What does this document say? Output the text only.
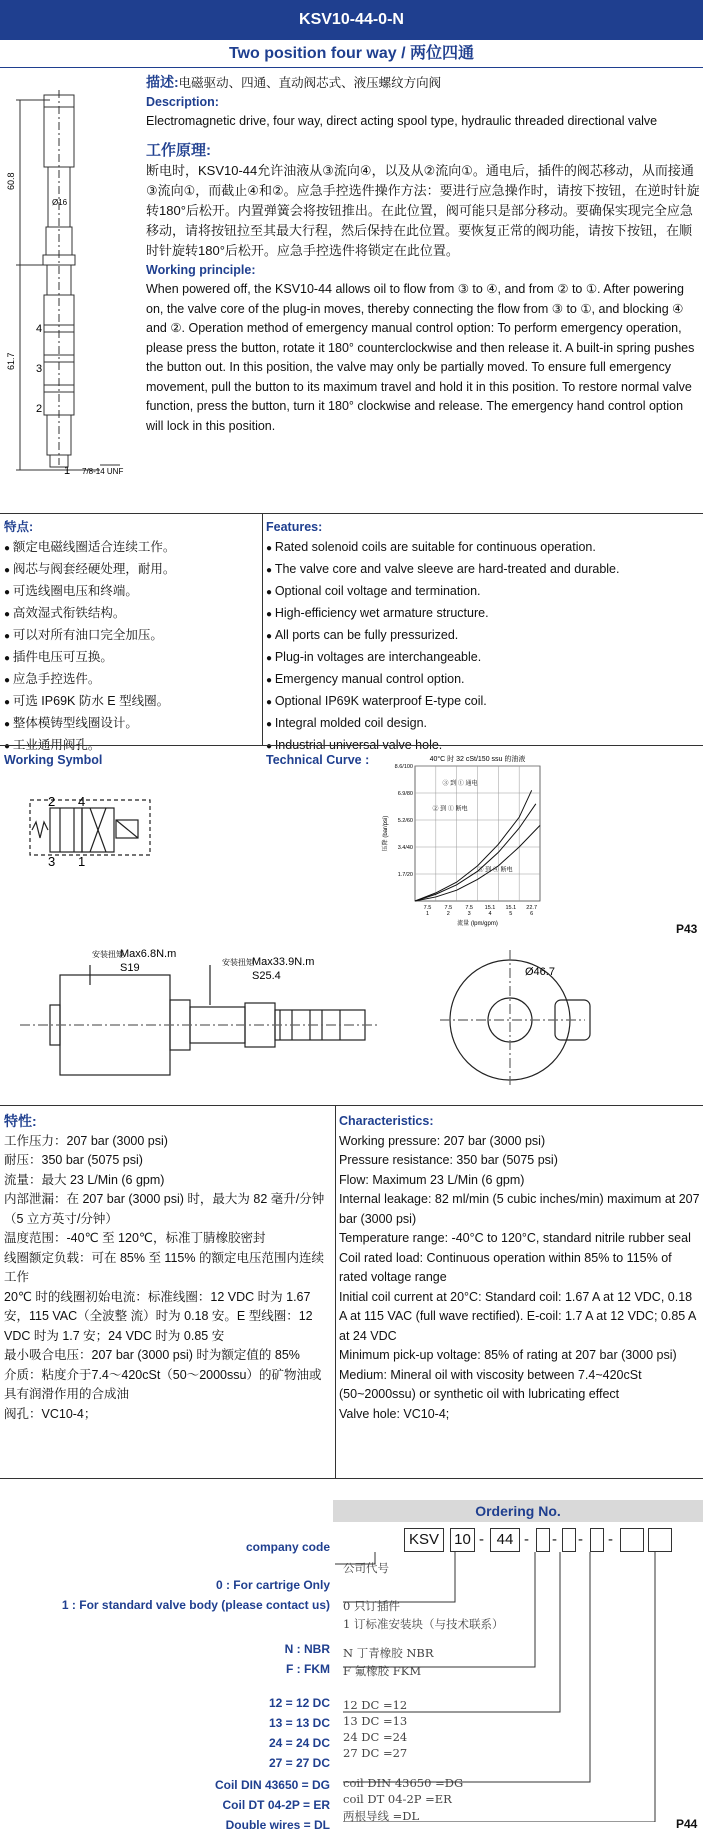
KSV10-44-0-N
Two position four way / 两位四通
60.8
61.7
Ø16
7/8-14 UNF
4
3
2
1
描述:电磁驱动、四通、直动阀芯式、液压螺纹方向阀
Description:
Electromagnetic drive, four way, direct acting spool type, hydraulic threaded directional valve
工作原理:
断电时，KSV10-44允许油液从③流向④，以及从②流向①。通电后，插件的阀芯移动，从而接通③流向①，而截止④和②。应急手控选件操作方法：要进行应急操作时，请按下按钮，在逆时针旋转180°后松开。内置弹簧会将按钮推出。在此位置，阀可能只是部分移动。要确保实现完全应急移动，请将按钮拉至其最大行程，然后保持在此位置。要恢复正常的阀功能，请按下按钮，在顺时针旋转180°后松开。应急手控选件将锁定在此位置。
Working principle:
When powered off, the KSV10-44 allows oil to flow from ③ to ④, and from ② to ①. After powering on, the valve core of the plug-in moves, thereby connecting the flow from ③ to ①, and blocking ④ and ②. Operation method of emergency manual control option: To perform emergency operation, please press the button, rotate it 180° counterclockwise and then release it. A built-in spring pushes the button out. In this position, the valve may only be partially moved. To ensure full emergency movement, pull the button to its maximum travel and hold it in this position. To restore normal valve function, press the button, turn it 180° clockwise and release. The emergency hand control option will lock in this position.
特点:
● 额定电磁线圈适合连续工作。
● 阀芯与阀套经硬处理，耐用。
● 可选线圈电压和终端。
● 高效湿式衔铁结构。
● 可以对所有油口完全加压。
● 插件电压可互换。
● 应急手控选件。
● 可选 IP69K 防水 E 型线圈。
● 整体模铸型线圈设计。
● 工业通用阀孔。
Features:
● Rated solenoid coils are suitable for continuous operation.
● The valve core and valve sleeve are hard-treated and durable.
● Optional coil voltage and termination.
● High-efficiency wet armature structure.
● All ports can be fully pressurized.
● Plug-in voltages are interchangeable.
● Emergency manual control option.
● Optional IP69K waterproof E-type coil.
● Integral molded coil design.
● Industrial universal valve hole.
Working Symbol
2 4
3 1
Technical Curve :	40°C 时 32 cSt/150 ssu 的油液
1.7/20
3.4/40
5.2/60
6.9/80
8.6/100
7.5
1
7.5
2
7.5
3
15.1
4
15.1
5
22.7
6
流量 (lpm/gpm)
压降 (bar/psi)
③ 到 ① 通电
② 到 ① 断电
③ 到 ④ 断电
P43
安装扭矩
Max6.8N.m
S19	安装扭矩
Max33.9N.m
S25.4	Ø46.7
特性:
工作压力：207 bar (3000 psi)
耐压：350 bar (5075 psi)
流量：最大 23 L/Min (6 gpm)
内部泄漏：在 207 bar (3000 psi) 时，最大为 82 毫升/分钟（5 立方英寸/分钟）
温度范围：-40℃ 至 120℃，标准丁腈橡胶密封
线圈额定负载：可在 85% 至 115% 的额定电压范围内连续工作
20℃ 时的线圈初始电流：标准线圈：12 VDC 时为 1.67 安，115 VAC（全波整 流）时为 0.18 安。E 型线圈：12 VDC 时为 1.7 安；24 VDC 时为 0.85 安
最小吸合电压：207 bar (3000 psi) 时为额定值的 85%
介质：粘度介于7.4～420cSt（50～2000ssu）的矿物油或具有润滑作用的合成油
阀孔：VC10-4；
Characteristics:
Working pressure: 207 bar (3000 psi)
Pressure resistance: 350 bar (5075 psi)
Flow: Maximum 23 L/Min (6 gpm)
Internal leakage: 82 ml/min (5 cubic inches/min) maximum at 207 bar (3000 psi)
Temperature range: -40°C to 120°C, standard nitrile rubber seal
Coil rated load: Continuous operation within 85% to 115% of rated voltage range
Initial coil current at 20°C: Standard coil: 1.67 A at 12 VDC, 0.18 A at 115 VAC (full wave rectified). E-coil: 1.7 A at 12 VDC; 0.85 A at 24 VDC
Minimum pick-up voltage: 85% of rating at 207 bar (3000 psi)
Medium: Mineral oil with viscosity between 7.4~420cSt (50~2000ssu) or synthetic oil with lubricating effect
Valve hole: VC10-4;
Ordering No.
KSV	10 - 44 - - - -
company code
公司代号
0 : For cartrige Only
1 : For standard valve body (please contact us) 0 只订插件
1 订标准安装块（与技术联系）
N : NBR
F : FKM
N 丁青橡胶 NBR
F 氟橡胶 FKM
12 = 12 DC
13 = 13 DC
24 = 24 DC
27 = 27 DC
12 DC =12
13 DC =13
24 DC =24
27 DC =27
Coil DIN 43650 = DG
Coil DT 04-2P = ER
Double wires = DL
coil DIN 43650 =DG
coil DT 04-2P =ER
两根导线 =DL
P44
